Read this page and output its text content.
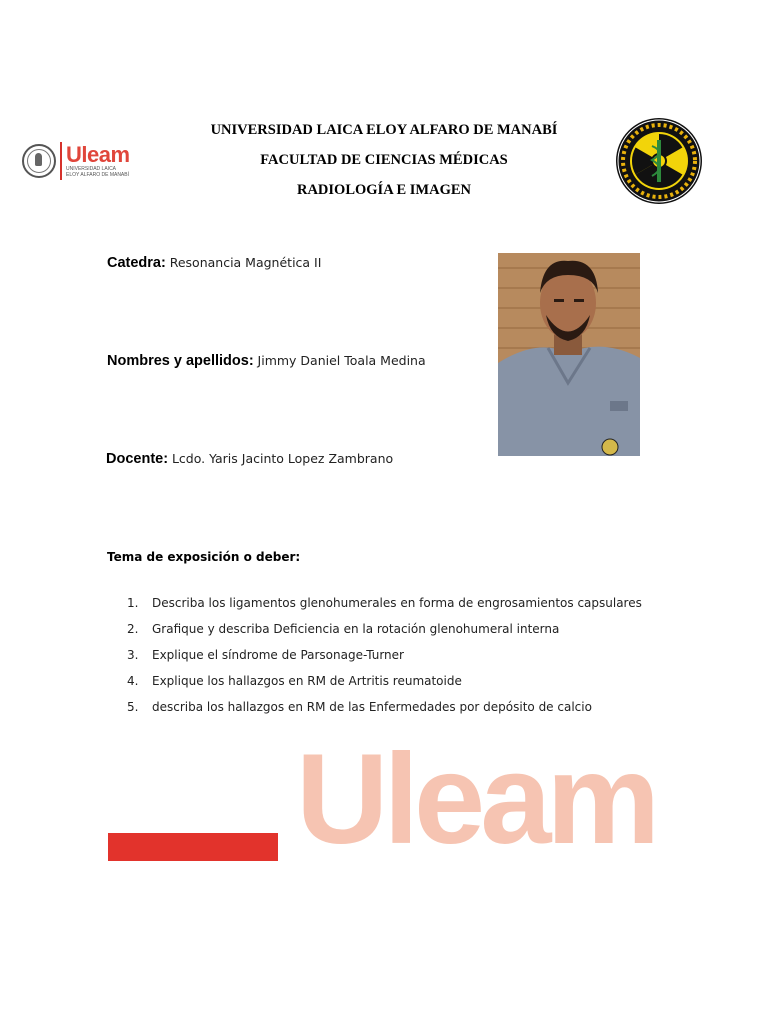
Uleam
UNIVERSIDAD LAICA
ELOY ALFARO DE MANABÍ
UNIVERSIDAD LAICA ELOY ALFARO DE MANABÍ
FACULTAD DE CIENCIAS MÉDICAS
RADIOLOGÍA E IMAGEN
Catedra: Resonancia Magnética II
Nombres y apellidos: Jimmy Daniel Toala Medina
Docente: Lcdo. Yaris Jacinto Lopez Zambrano
Tema de exposición o deber:
1.	Describa los ligamentos glenohumerales en forma de engrosamientos capsulares
2.	Grafique y describa Deficiencia en la rotación glenohumeral interna
3.	Explique el síndrome de Parsonage-Turner
4.	Explique los hallazgos en RM de Artritis reumatoide
5.	describa los hallazgos en RM de las Enfermedades por depósito de calcio
Uleam
